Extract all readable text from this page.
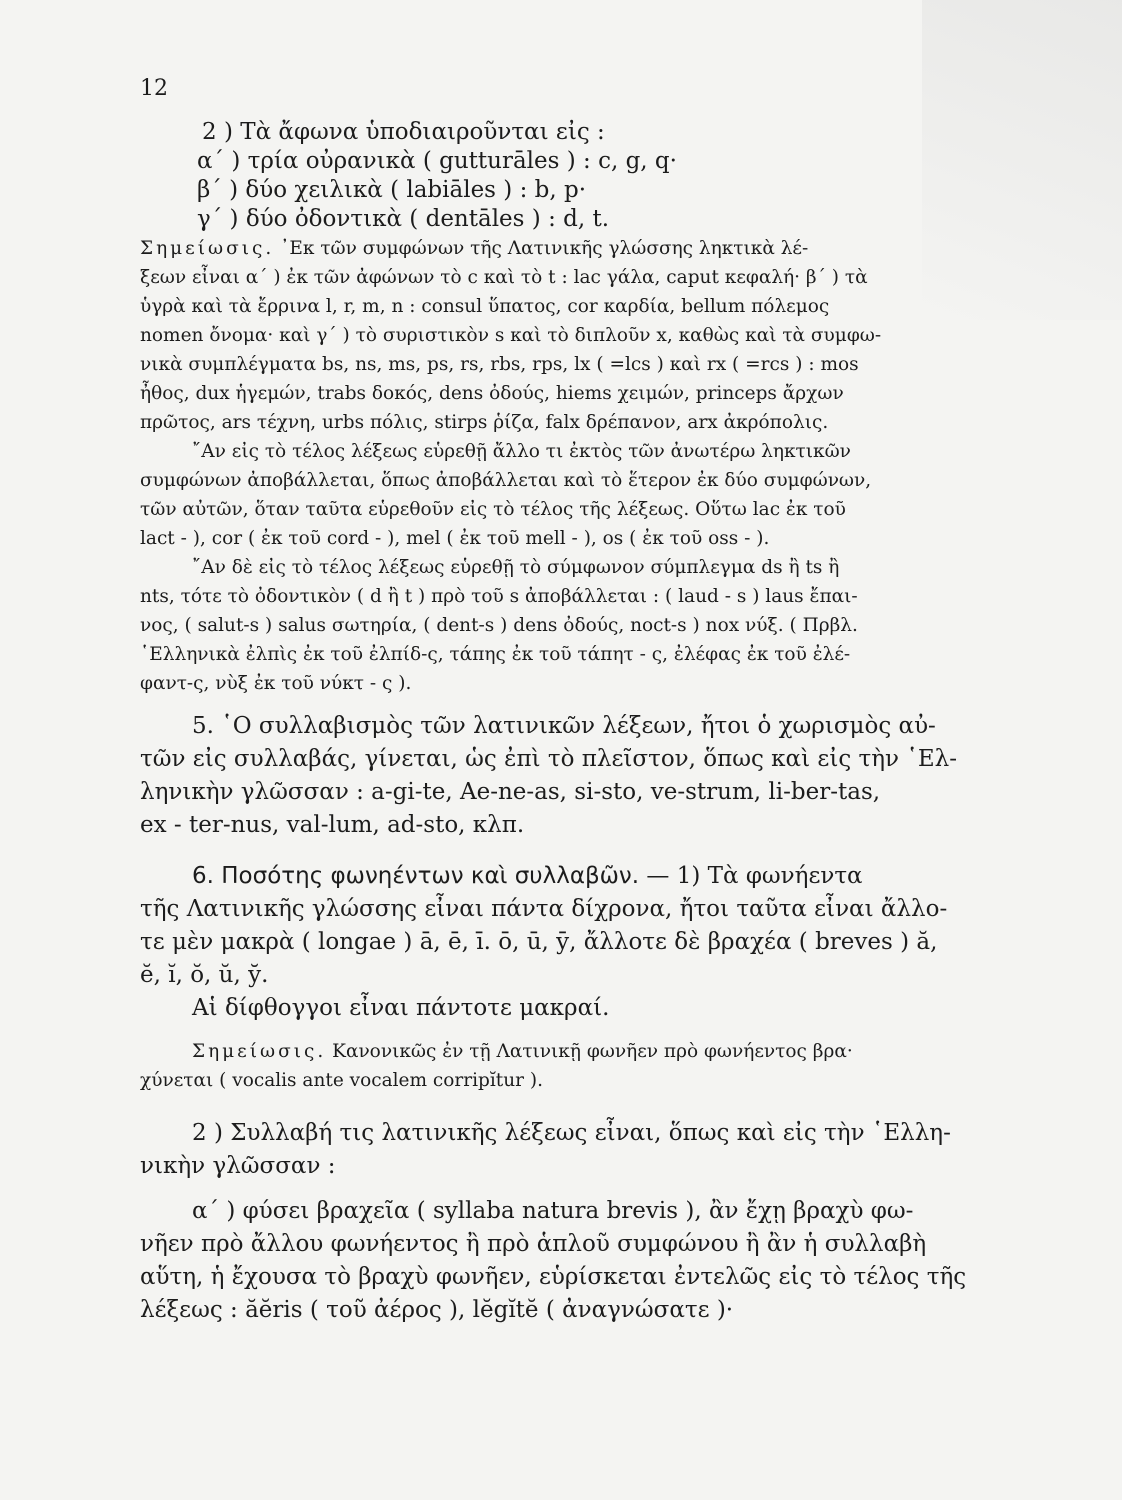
12
2 ) Τὰ ἄφωνα ὑποδιαιροῦνται εἰς :
α΄ ) τρία οὐρανικὰ ( gutturāles ) : c, g, q·
β΄ ) δύο χειλικὰ ( labiāles ) : b, p·
γ΄ ) δύο ὀδοντικὰ ( dentāles ) : d, t.
Σημείωσις. ᾿Εκ τῶν συμφώνων τῆς Λατινικῆς γλώσσης ληκτικὰ λέ-
ξεων εἶναι α΄ ) ἐκ τῶν ἀφώνων τὸ c καὶ τὸ t : lac γάλα, caput κεφαλή· β΄ ) τὰ
ὑγρὰ καὶ τὰ ἔρρινα l, r, m, n : consul ὕπατος, cor καρδία, bellum πόλεμος
nomen ὄνομα· καὶ γ΄ ) τὸ συριστικὸν s καὶ τὸ διπλοῦν x, καθὼς καὶ τὰ συμφω-
νικὰ συμπλέγματα bs, ns, ms, ps, rs, rbs, rps, lx ( =lcs ) καὶ rx ( =rcs ) : mos
ἦθος, dux ἡγεμών, trabs δοκός, dens ὀδούς, hiems χειμών, princeps ἄρχων
πρῶτος, ars τέχνη, urbs πόλις, stirps ῥίζα, falx δρέπανον, arx ἀκρόπολις.
῎Αν εἰς τὸ τέλος λέξεως εὑρεθῇ ἄλλο τι ἐκτὸς τῶν ἀνωτέρω ληκτικῶν
συμφώνων ἀποβάλλεται, ὅπως ἀποβάλλεται καὶ τὸ ἕτερον ἐκ δύο συμφώνων,
τῶν αὐτῶν, ὅταν ταῦτα εὑρεθοῦν εἰς τὸ τέλος τῆς λέξεως. Οὕτω lac ἐκ τοῦ
lact - ), cor ( ἐκ τοῦ cord - ), mel ( ἐκ τοῦ mell - ), os ( ἐκ τοῦ oss - ).
῎Αν δὲ εἰς τὸ τέλος λέξεως εὑρεθῇ τὸ σύμφωνον σύμπλεγμα ds ἢ ts ἢ
nts, τότε τὸ ὀδοντικὸν ( d ἢ t ) πρὸ τοῦ s ἀποβάλλεται : ( laud - s ) laus ἔπαι-
νος, ( salut-s ) salus σωτηρία, ( dent-s ) dens ὀδούς, noct-s ) nox νύξ. ( Πρβλ.
῾Ελληνικὰ ἐλπὶς ἐκ τοῦ ἐλπίδ-ς, τάπης ἐκ τοῦ τάπητ - ς, ἐλέφας ἐκ τοῦ ἐλέ-
φαντ-ς, νὺξ ἐκ τοῦ νύκτ - ς ).
5. ῾Ο συλλαβισμὸς τῶν λατινικῶν λέξεων, ἤτοι ὁ χωρισμὸς αὐ-
τῶν εἰς συλλαβάς, γίνεται, ὡς ἐπὶ τὸ πλεῖστον, ὅπως καὶ εἰς τὴν ῾Ελ-
ληνικὴν γλῶσσαν : a-gi-te, Ae-ne-as, si-sto, ve-strum, li-ber-tas,
ex - ter-nus, val-lum, ad-sto, κλπ.
6. Ποσότης φωνηέντων καὶ συλλαβῶν. — 1) Τὰ φωνήεντα
τῆς Λατινικῆς γλώσσης εἶναι πάντα δίχρονα, ἤτοι ταῦτα εἶναι ἄλλο-
τε μὲν μακρὰ ( longae ) ā, ē, ī. ō, ū, ȳ, ἄλλοτε δὲ βραχέα ( breves ) ă,
ĕ, ĭ, ŏ, ŭ, y̆.
Αἱ δίφθογγοι εἶναι πάντοτε μακραί.
Σημείωσις. Κανονικῶς ἐν τῇ Λατινικῇ φωνῆεν πρὸ φωνήεντος βρα·
χύνεται ( vocalis ante vocalem corripĭtur ).
2 ) Συλλαβή τις λατινικῆς λέξεως εἶναι, ὅπως καὶ εἰς τὴν ῾Ελλη-
νικὴν γλῶσσαν :
α΄ ) φύσει βραχεῖα ( syllaba natura brevis ), ἂν ἔχῃ βραχὺ φω-
νῆεν πρὸ ἄλλου φωνήεντος ἢ πρὸ ἁπλοῦ συμφώνου ἢ ἂν ἡ συλλαβὴ
αὕτη, ἡ ἔχουσα τὸ βραχὺ φωνῆεν, εὑρίσκεται ἐντελῶς εἰς τὸ τέλος τῆς
λέξεως : ăĕris ( τοῦ ἀέρος ), lĕgĭtĕ ( ἀναγνώσατε )·
